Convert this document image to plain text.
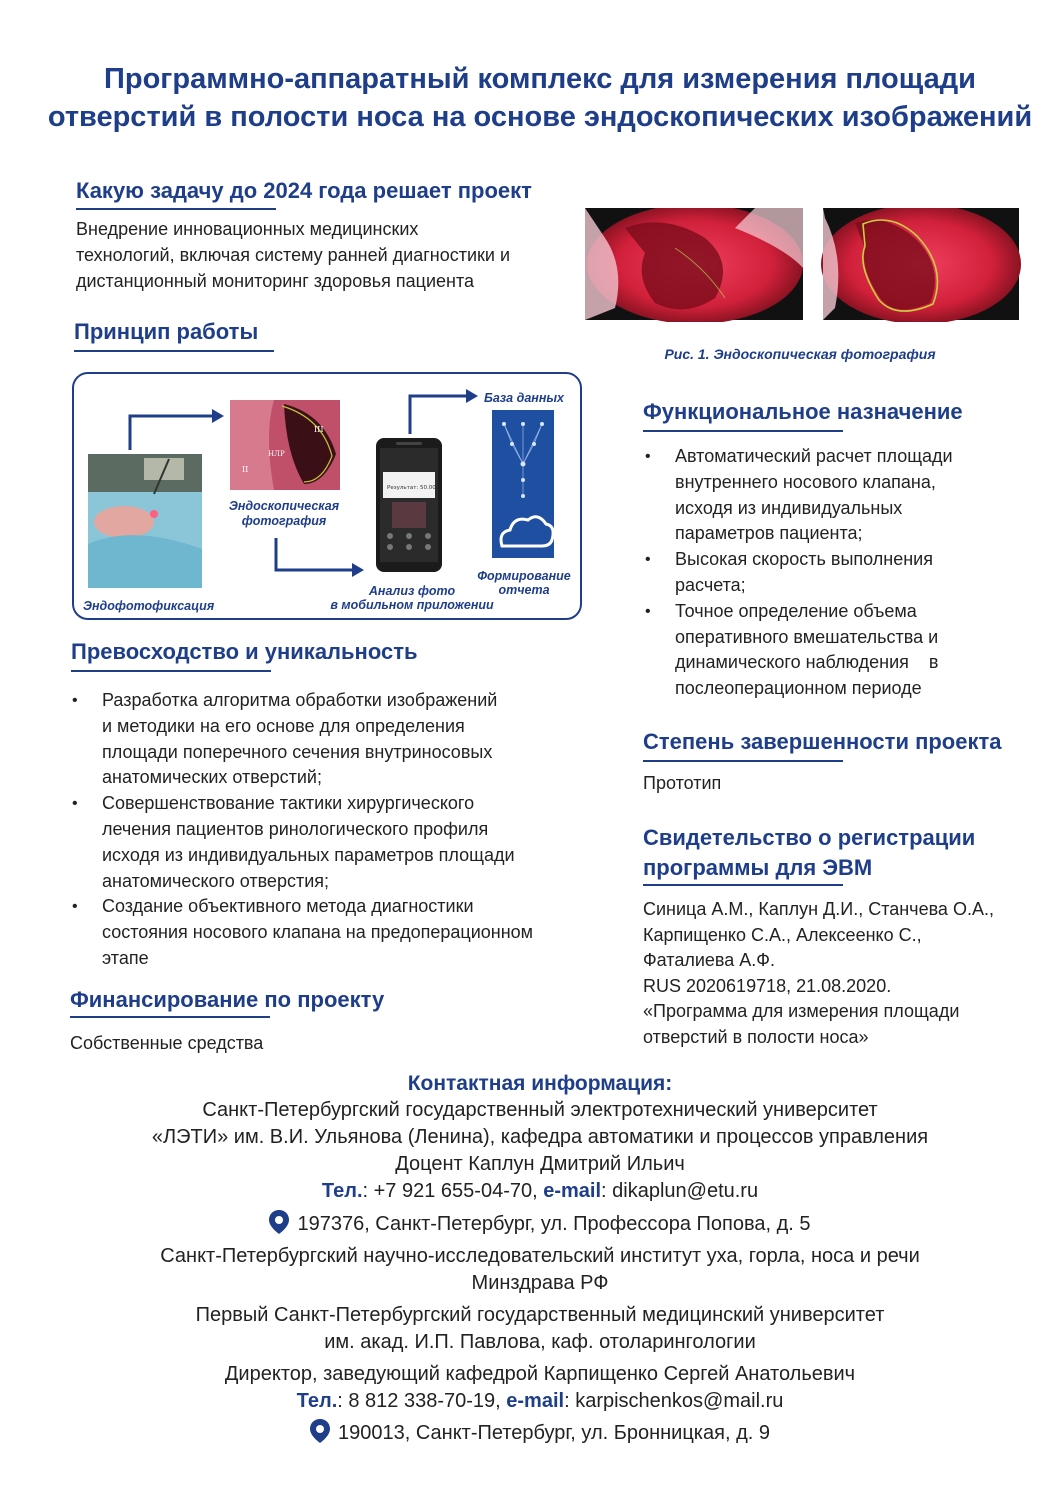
Программно-аппаратный комплекс для измерения площади
отверстий в полости носа на основе эндоскопических изображений
Какую задачу до 2024 года решает проект
Внедрение инновационных медицинских
технологий, включая систему ранней диагностики и
дистанционный мониторинг здоровья пациента
Рис. 1. Эндоскопическая фотография
Принцип работы
III
НЛР
II
Результат: 50.00
Эндофотофиксация
Эндоскопическая
фотография
Анализ фото
в мобильном приложении
Формирование
отчета
База данных
Превосходство и уникальность
• Разработка алгоритма обработки изображений
и методики на его основе для определения
площади поперечного сечения внутриносовых
анатомических отверстий;
• Совершенствование тактики хирургического
лечения пациентов ринологического профиля
исходя из индивидуальных параметров площади
анатомического отверстия;
• Создание объективного метода диагностики
состояния носового клапана на предоперационном
этапе
Финансирование по проекту
Собственные средства
Функциональное назначение
• Автоматический расчет площади
внутреннего носового клапана,
исходя из индивидуальных
параметров пациента;
• Высокая скорость выполнения
расчета;
• Точное определение объема
оперативного вмешательства и
динамического наблюдения    в
послеоперационном периоде
Степень завершенности проекта
Прототип
Свидетельство о регистрации
программы для ЭВМ
Синица А.М., Каплун Д.И., Станчева О.А.,
Карпищенко С.А., Алексеенко С.,
Фаталиева А.Ф.
RUS 2020619718, 21.08.2020.
«Программа для измерения площади
отверстий в полости носа»
Контактная информация:
Санкт-Петербургский государственный электротехнический университет
«ЛЭТИ» им. В.И. Ульянова (Ленина), кафедра автоматики и процессов управления
Доцент Каплун Дмитрий Ильич
Тел.: +7 921 655-04-70, e-mail: dikaplun@etu.ru
197376, Санкт-Петербург, ул. Профессора Попова, д. 5
Санкт-Петербургский научно-исследовательский институт уха, горла, носа и речи
Минздрава РФ
Первый Санкт-Петербургский государственный медицинский университет
им. акад. И.П. Павлова, каф. отоларингологии
Директор, заведующий кафедрой Карпищенко Сергей Анатольевич
Тел.: 8 812 338-70-19, e-mail: karpischenkos@mail.ru
190013, Санкт-Петербург, ул. Бронницкая, д. 9
